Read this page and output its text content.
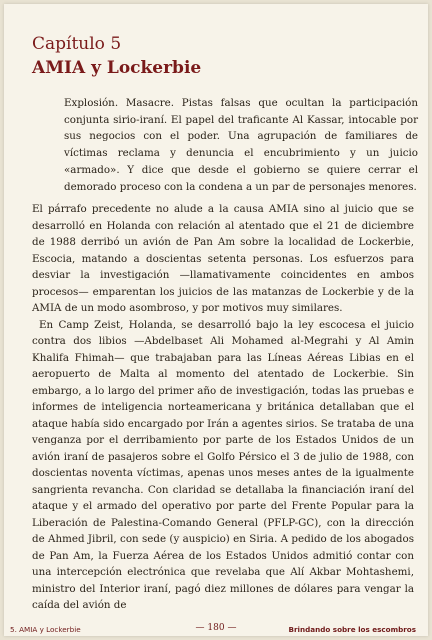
Capítulo 5
AMIA y Lockerbie

Explosión. Masacre. Pistas falsas que ocultan la participación conjunta sirio-iraní. El papel del traficante Al Kassar, intocable por sus negocios con el poder. Una agrupación de familiares de víctimas reclama y denuncia el encubrimiento y un juicio «armado». Y dice que desde el gobierno se quiere cerrar el demorado proceso con la condena a un par de personajes menores.

El párrafo precedente no alude a la causa AMIA sino al juicio que se desarrolló en Holanda con relación al atentado que el 21 de diciembre de 1988 derribó un avión de Pan Am sobre la localidad de Lockerbie, Escocia, matando a doscientas setenta personas. Los esfuerzos para desviar la investigación —llamativamente coincidentes en ambos procesos— emparentan los juicios de las matanzas de Lockerbie y de la AMIA de un modo asombroso, y por motivos muy similares.

En Camp Zeist, Holanda, se desarrolló bajo la ley escocesa el juicio contra dos libios —Abdelbaset Ali Mohamed al-Megrahi y Al Amin Khalifa Fhimah— que trabajaban para las Líneas Aéreas Libias en el aeropuerto de Malta al momento del atentado de Lockerbie. Sin embargo, a lo largo del primer año de investigación, todas las pruebas e informes de inteligencia norteamericana y británica detallaban que el ataque había sido encargado por Irán a agentes sirios. Se trataba de una venganza por el derribamiento por parte de los Estados Unidos de un avión iraní de pasajeros sobre el Golfo Pérsico el 3 de julio de 1988, con doscientas noventa víctimas, apenas unos meses antes de la igualmente sangrienta revancha. Con claridad se detallaba la financiación iraní del ataque y el armado del operativo por parte del Frente Popular para la Liberación de Palestina-Comando General (PFLP-GC), con la dirección de Ahmed Jibril, con sede (y auspicio) en Siria. A pedido de los abogados de Pan Am, la Fuerza Aérea de los Estados Unidos admitió contar con una intercepción electrónica que revelaba que Alí Akbar Mohtashemi, ministro del Interior iraní, pagó diez millones de dólares para vengar la caída del avión de

5. AMIA y Lockerbie	— 180 —	Brindando sobre los escombros
